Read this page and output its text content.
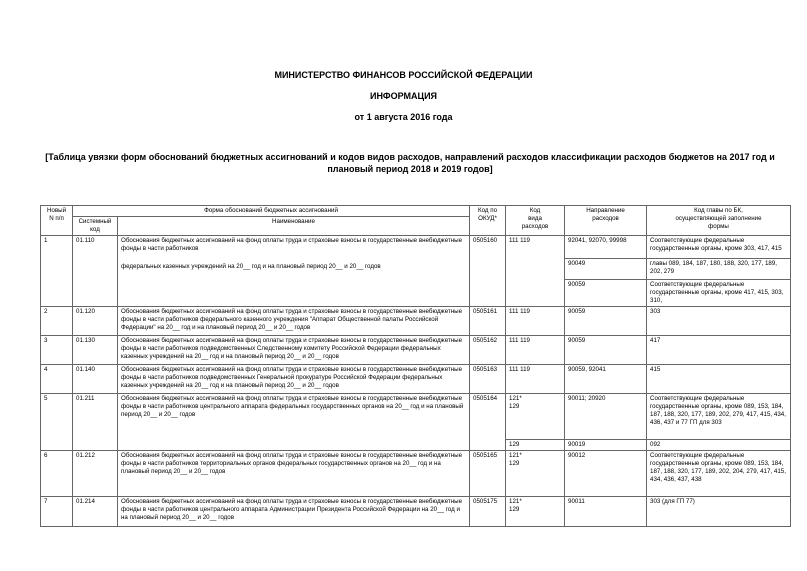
МИНИСТЕРСТВО ФИНАНСОВ РОССИЙСКОЙ ФЕДЕРАЦИИ
ИНФОРМАЦИЯ
от 1 августа 2016 года
[Таблица увязки форм обоснований бюджетных ассигнований и кодов видов расходов, направлений расходов классификации расходов бюджетов на 2017 год и плановый период 2018 и 2019 годов]
Новый
N п/п	Форма обоснований бюджетных ассигнований		Код по
ОКУД*	Код
вида
расходов	Направление
расходов	Код главы по БК,
осуществляющей заполнение
формы

	Системный
код	Наименование				
1	01.110	Обоснования бюджетных ассигнований на фонд оплаты труда и страховые взносы в государственные внебюджетные фонды в части работников
федеральных казенных учреждений на 20__ год и на плановый период 20__ и 20__ годов	0505160	111 119	92041, 92070, 99998	Соответствующие федеральные государственные органы, кроме 303, 417, 415
					90049	главы 089, 184, 187, 180, 188, 320, 177, 189, 202, 279
					90059	Соответствующие федеральные государственные органы, кроме 417, 415, 303, 310,
2	01.120	Обоснования бюджетных ассигнований на фонд оплаты труда и страховые взносы в государственные внебюджетные фонды в части работников федерального казенного учреждения "Аппарат Общественной палаты Российской Федерации" на 20__ год и на плановый период 20__ и 20__ годов	0505161	111 119	90059	303
3	01.130	Обоснования бюджетных ассигнований на фонд оплаты труда и страховые взносы в государственные внебюджетные фонды в части работников подведомственных Следственному комитету Российской Федерации федеральных казенных учреждений на 20__ год и на плановый период 20__ и 20__ годов	0505162	111 119	90059	417
4	01.140	Обоснования бюджетных ассигнований на фонд оплаты труда и страховые взносы в государственные внебюджетные фонды в части работников подведомственных Генеральной прокуратуре Российской Федерации федеральных казенных учреждений на 20__ год и на плановый период 20__ и 20__ годов	0505163	111 119	90059, 92041	415
5	01.211	Обоснования бюджетных ассигнований на фонд оплаты труда и страховые взносы в государственные внебюджетные фонды в части работников центрального аппарата федеральных государственных органов на 20__ год и на плановый период 20__ и 20__ годов	0505164	121*
129	90011; 20920	Соответствующие федеральные государственные органы, кроме 089, 153, 184, 187, 188, 320, 177, 189, 202, 279, 417, 415, 434, 436, 437 и 77 ГП для 303
				129	90019	092
6	01.212	Обоснования бюджетных ассигнований на фонд оплаты труда и страховые взносы в государственные внебюджетные фонды в части работников территориальных органов федеральных государственных органов на 20__ год и на плановый период 20__ и 20__ годов	0505165	121*
129	90012	Соответствующие федеральные государственные органы, кроме 089, 153, 184, 187, 188, 320, 177, 189, 202, 204, 279, 417, 415, 434, 436, 437, 438
7	01.214	Обоснования бюджетных ассигнований на фонд оплаты труда и страховые взносы в государственные внебюджетные фонды в части работников центрального аппарата Администрации Президента Российской Федерации на 20__ год и на плановый период 20__ и 20__ годов	0505175	121*
129	90011	303 (для ГП 77)
